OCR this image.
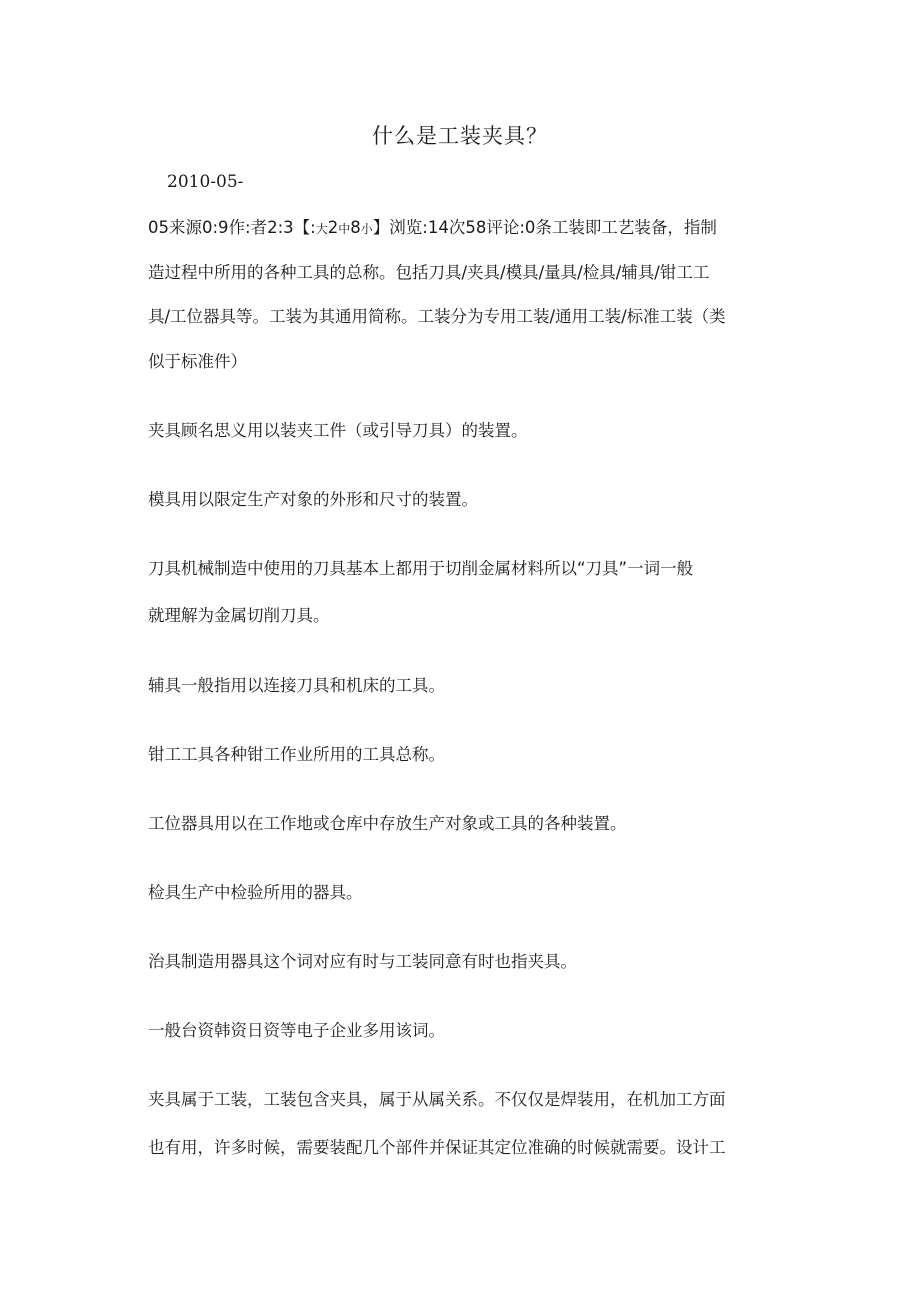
什么是工装夹具？
2010-05-
05来源0:9作:者2:3【:大2中8小】浏览:14次58评论:0条工装即工艺装备，指制
造过程中所用的各种工具的总称。包括刀具/夹具/模具/量具/检具/辅具/钳工工
具/工位器具等。工装为其通用简称。工装分为专用工装/通用工装/标准工装（类
似于标准件）
夹具顾名思义用以装夹工件（或引导刀具）的装置。
模具用以限定生产对象的外形和尺寸的装置。
刀具机械制造中使用的刀具基本上都用于切削金属材料所以“刀具”一词一般
就理解为金属切削刀具。
辅具一般指用以连接刀具和机床的工具。
钳工工具各种钳工作业所用的工具总称。
工位器具用以在工作地或仓库中存放生产对象或工具的各种装置。
检具生产中检验所用的器具。
治具制造用器具这个词对应有时与工装同意有时也指夹具。
一般台资韩资日资等电子企业多用该词。
夹具属于工装，工装包含夹具，属于从属关系。不仅仅是焊装用，在机加工方面
也有用，许多时候，需要装配几个部件并保证其定位准确的时候就需要。设计工
